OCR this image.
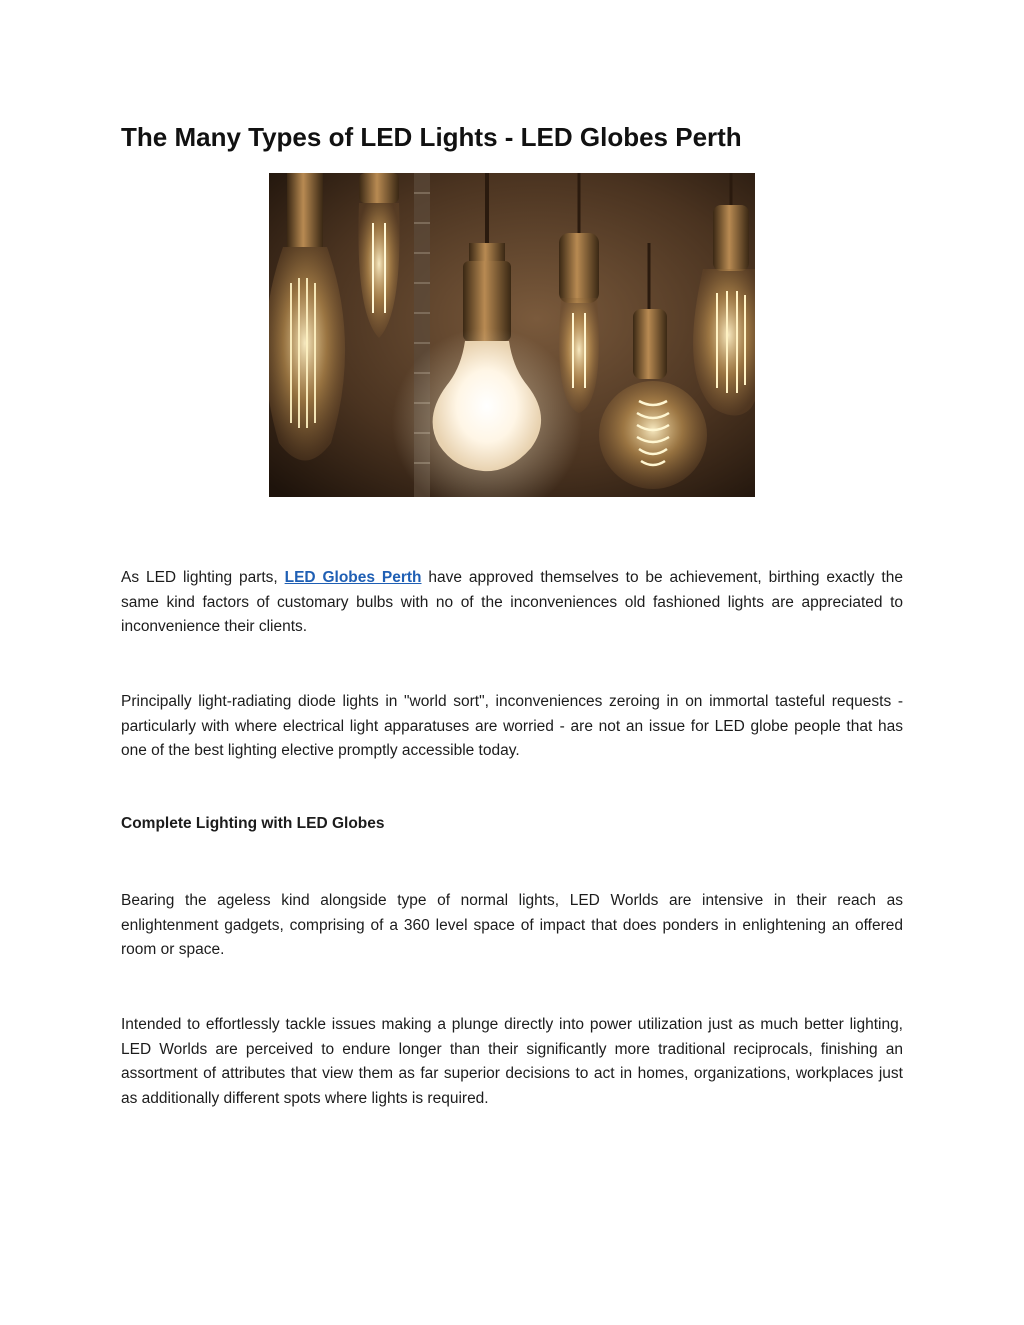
The Many Types of LED Lights - LED Globes Perth

As LED lighting parts, LED Globes Perth have approved themselves to be achievement, birthing exactly the same kind factors of customary bulbs with no of the inconveniences old fashioned lights are appreciated to inconvenience their clients.

Principally light-radiating diode lights in "world sort", inconveniences zeroing in on immortal tasteful requests - particularly with where electrical light apparatuses are worried - are not an issue for LED globe people that has one of the best lighting elective promptly accessible today.

Complete Lighting with LED Globes

Bearing the ageless kind alongside type of normal lights, LED Worlds are intensive in their reach as enlightenment gadgets, comprising of a 360 level space of impact that does ponders in enlightening an offered room or space.

Intended to effortlessly tackle issues making a plunge directly into power utilization just as much better lighting, LED Worlds are perceived to endure longer than their significantly more traditional reciprocals, finishing an assortment of attributes that view them as far superior decisions to act in homes, organizations, workplaces just as additionally different spots where lights is required.
